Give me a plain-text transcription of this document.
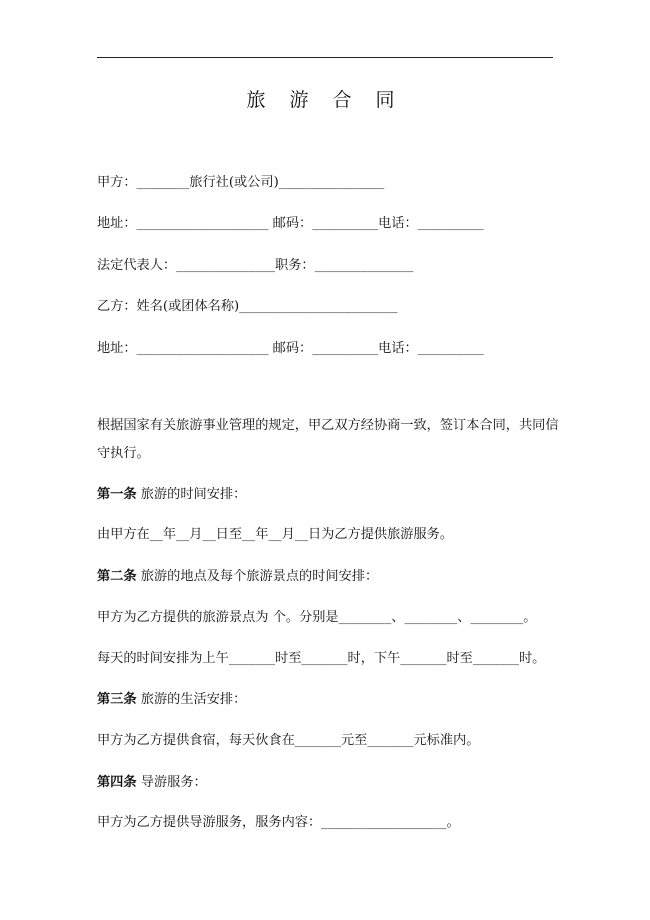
旅 游 合 同
甲方：________旅行社(或公司)________________
地址：____________________ 邮码：__________电话：__________
法定代表人：_______________职务：_______________
乙方：姓名(或团体名称)________________________
地址：____________________ 邮码：__________电话：__________
根据国家有关旅游事业管理的规定，甲乙双方经协商一致，签订本合同，共同信守执行。
第一条 旅游的时间安排：
由甲方在__年__月__日至__年__月__日为乙方提供旅游服务。
第二条 旅游的地点及每个旅游景点的时间安排：
甲方为乙方提供的旅游景点为 个。分别是________、________、________。
每天的时间安排为上午_______时至_______时，下午_______时至_______时。
第三条 旅游的生活安排：
甲方为乙方提供食宿，每天伙食在_______元至_______元标准内。
第四条 导游服务：
甲方为乙方提供导游服务，服务内容：___________________。
